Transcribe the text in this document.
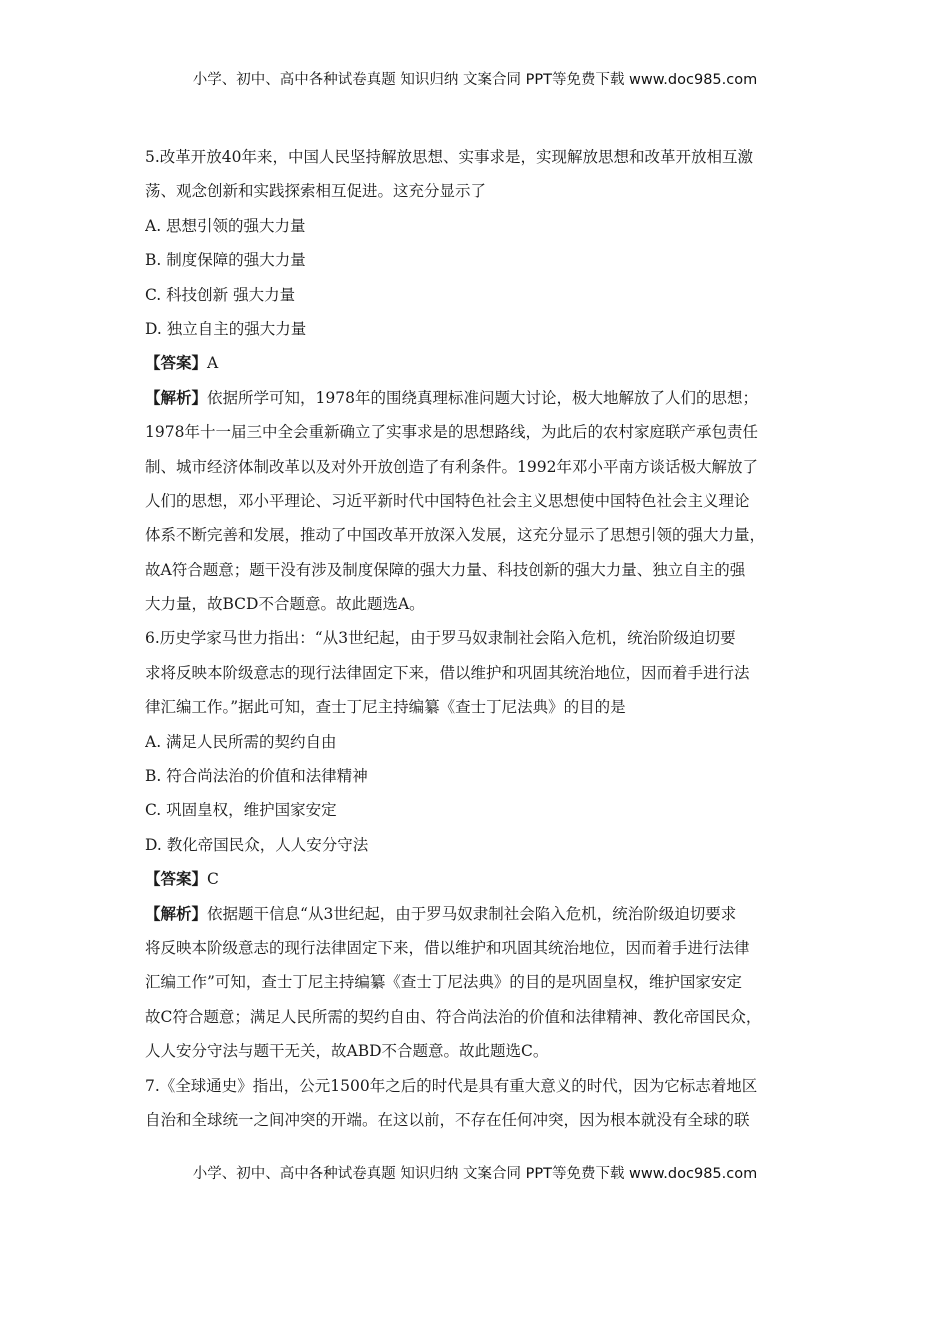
小学、初中、高中各种试卷真题 知识归纳 文案合同 PPT等免费下载 www.doc985.com
5.改革开放40年来，中国人民坚持解放思想、实事求是，实现解放思想和改革开放相互激
荡、观念创新和实践探索相互促进。这充分显示了
A. 思想引领的强大力量
B. 制度保障的强大力量
C. 科技创新 强大力量
D. 独立自主的强大力量
【答案】A
【解析】依据所学可知，1978年的围绕真理标准问题大讨论，极大地解放了人们的思想；
1978年十一届三中全会重新确立了实事求是的思想路线，为此后的农村家庭联产承包责任
制、城市经济体制改革以及对外开放创造了有利条件。1992年邓小平南方谈话极大解放了
人们的思想，邓小平理论、习近平新时代中国特色社会主义思想使中国特色社会主义理论
体系不断完善和发展，推动了中国改革开放深入发展，这充分显示了思想引领的强大力量，
故A符合题意；题干没有涉及制度保障的强大力量、科技创新的强大力量、独立自主的强
大力量，故BCD不合题意。故此题选A。
6.历史学家马世力指出：“从3世纪起，由于罗马奴隶制社会陷入危机，统治阶级迫切要
求将反映本阶级意志的现行法律固定下来，借以维护和巩固其统治地位，因而着手进行法
律汇编工作。”据此可知，查士丁尼主持编纂《查士丁尼法典》的目的是
A. 满足人民所需的契约自由
B. 符合尚法治的价值和法律精神
C. 巩固皇权，维护国家安定
D. 教化帝国民众，人人安分守法
【答案】C
【解析】依据题干信息“从3世纪起，由于罗马奴隶制社会陷入危机，统治阶级迫切要求
将反映本阶级意志的现行法律固定下来，借以维护和巩固其统治地位，因而着手进行法律
汇编工作”可知，查士丁尼主持编纂《查士丁尼法典》的目的是巩固皇权，维护国家安定
故C符合题意；满足人民所需的契约自由、符合尚法治的价值和法律精神、教化帝国民众，
人人安分守法与题干无关，故ABD不合题意。故此题选C。
7.《全球通史》指出，公元1500年之后的时代是具有重大意义的时代，因为它标志着地区
自治和全球统一之间冲突的开端。在这以前，不存在任何冲突，因为根本就没有全球的联
小学、初中、高中各种试卷真题 知识归纳 文案合同 PPT等免费下载 www.doc985.com
